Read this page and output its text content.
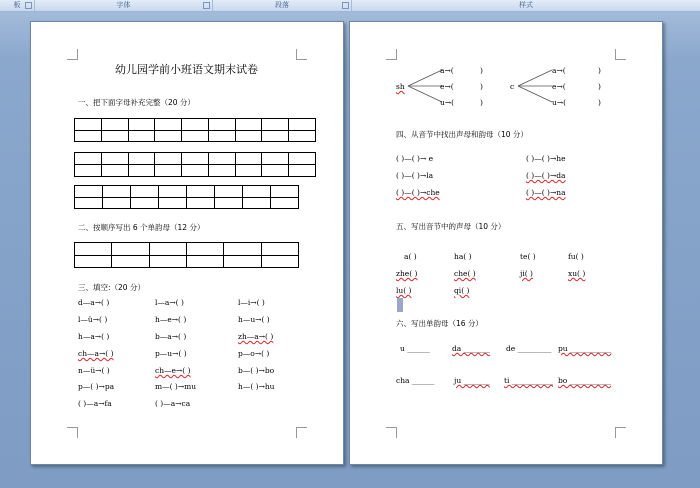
板	字体	段落	样式
幼儿园学前小班语文期末试卷
一、把下面字母补充完整（20 分）

二、按顺序写出 6 个单韵母（12 分）

三、填空:（20 分）
d—a→( )	l—a→( )	l—i→( )
l—ü→( )	h—e→( )	h—u→( )
h—a→( )	b—a→( )	zh—a→( )
ch—a→( )	p—u→( )	p—o→( )
n—ü→( )	ch—e→( )	b—( )→bo
p—( )→pa	m—( )→mu	h—( )→hu
( )—a→fa	( )—a→ca
sh
a→(
e→(
u→(
)
)
)
c
a→(
e→(
u→(
)
)
)
四、从音节中找出声母和韵母（10 分）
( )—( )→ e	( )—( )→he
( )—( )→la	( )—( )→da
( )—( )→che	( )—( )→na
五、写出音节中的声母（10 分）
a( )	ha( )	te( )	fu( )
zhe( )	che( )	ji( )	xu( )
lu( )	qi( )
六、写出单韵母（16 分）
u ______	da _______ de _________ pu ___________
cha ______	ju _______ ti ___________ bo ___________
